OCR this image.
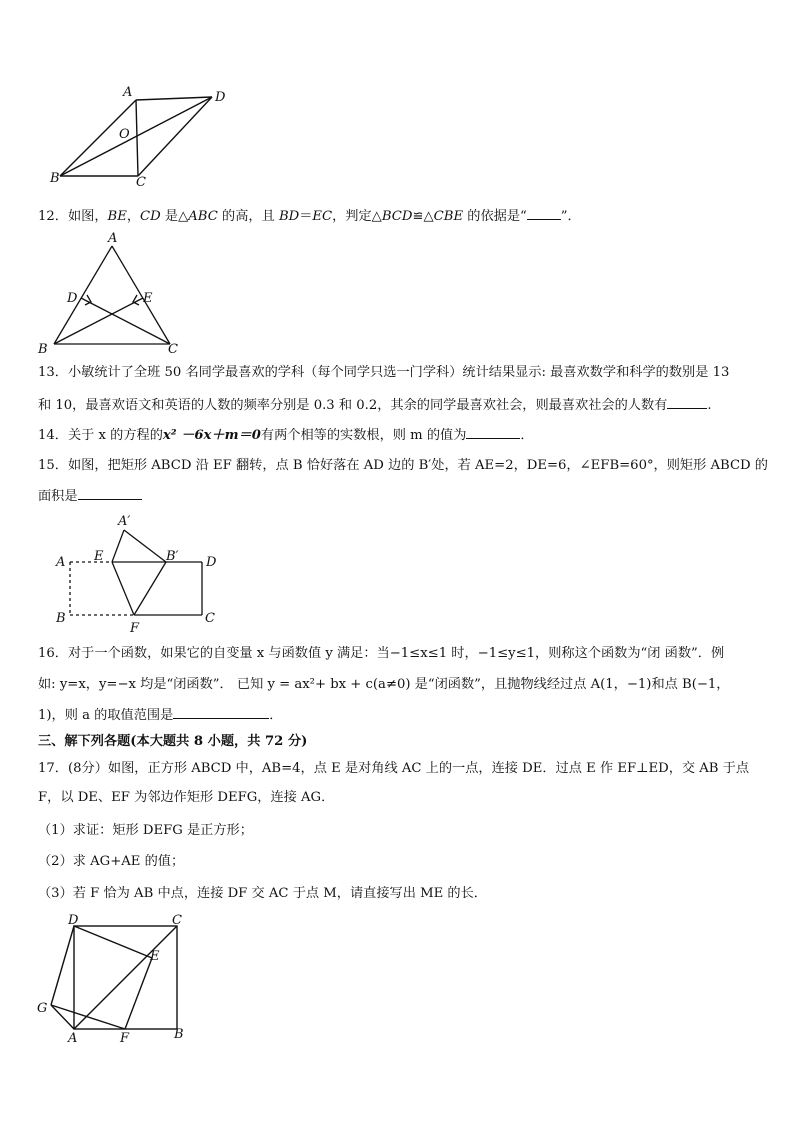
A	D
O
B	C
12．如图，BE，CD 是△ABC 的高，且 BD＝EC，判定△BCD≌△CBE 的依据是“	”．
A
D	E
B	C
13．小敏统计了全班 50 名同学最喜欢的学科（每个同学只选一门学科）统计结果显示: 最喜欢数学和科学的数别是 13
和 10，最喜欢语文和英语的人数的频率分别是 0.3 和 0.2，其余的同学最喜欢社会，则最喜欢社会的人数有	.
14．关于 x 的方程的x² －6x＋m＝0有两个相等的实数根，则 m 的值为	．
15．如图，把矩形 ABCD 沿 EF 翻转，点 B 恰好落在 AD 边的 B′处，若 AE=2，DE=6，∠EFB=60°，则矩形 ABCD 的
面积是
A′
A E	B′ D
B
F
C
16．对于一个函数，如果它的自变量 x 与函数值 y 满足：当−1≤x≤1 时，−1≤y≤1，则称这个函数为“闭 函数”．例
如: y=x，y=−x 均是“闭函数”． 已知 y = ax²+ bx + c(a≠0) 是“闭函数”，且抛物线经过点 A(1，−1)和点 B(−1，
1)，则 a 的取值范围是	．
三、解下列各题(本大题共 8 小题，共 72 分)
17．(8分）如图，正方形 ABCD 中，AB=4，点 E 是对角线 AC 上的一点，连接 DE．过点 E 作 EF⊥ED，交 AB 于点
F，以 DE、EF 为邻边作矩形 DEFG，连接 AG．
（1）求证：矩形 DEFG 是正方形；
（2）求 AG+AE 的值；
（3）若 F 恰为 AB 中点，连接 DF 交 AC 于点 M，请直接写出 ME 的长．
D	C
E
G
A	F	B
